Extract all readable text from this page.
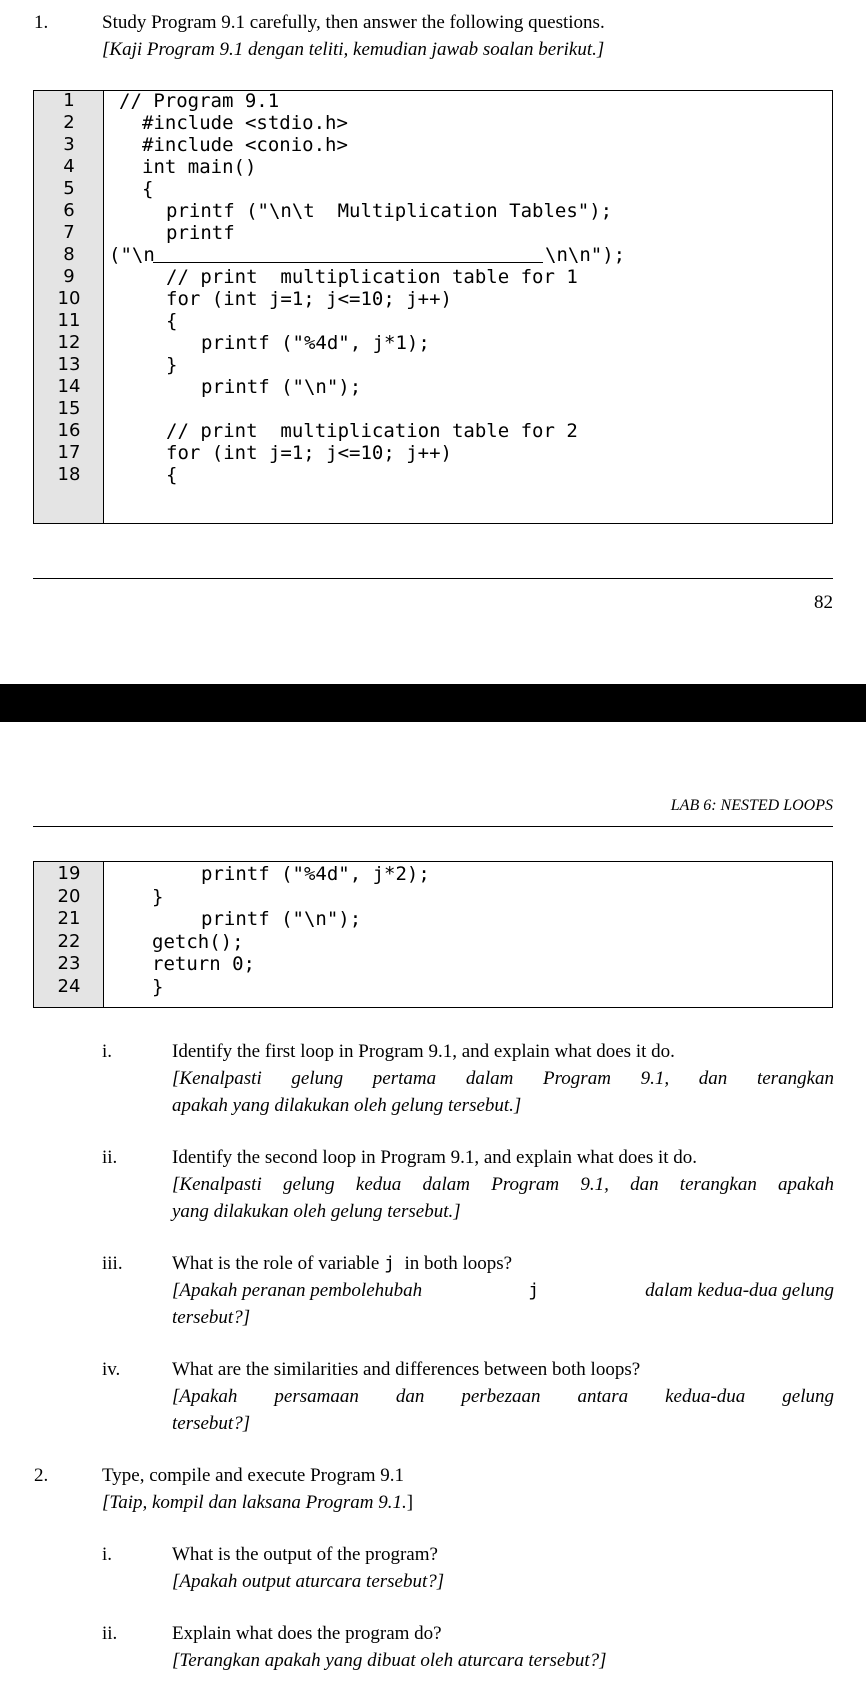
1.	Study Program 9.1 carefully, then answer the following questions.
[Kaji Program 9.1 dengan teliti, kemudian jawab soalan berikut.]
1	// Program 9.1
2	#include <stdio.h>
3	#include <conio.h>
4	int main()
5	{
6	printf ("\n\t  Multiplication Tables");
7	printf
8	("\n	\n\n");
9	// print  multiplication table for 1
10	for (int j=1; j<=10; j++)
11	{
12	printf ("%4d", j*1);
13	}
14	printf ("\n");
15
16	// print  multiplication table for 2
17	for (int j=1; j<=10; j++)
18	{
82
LAB 6: NESTED LOOPS
19	printf ("%4d", j*2);
20	}
21	printf ("\n");
22	getch();
23	return 0;
24	}
i.	Identify the first loop in Program 9.1, and explain what does it do.
[Kenalpasti gelung pertama dalam Program 9.1, dan terangkan
apakah yang dilakukan oleh gelung tersebut.]
ii.	Identify the second loop in Program 9.1, and explain what does it do.
[Kenalpasti gelung kedua dalam Program 9.1, dan terangkan apakah
yang dilakukan oleh gelung tersebut.]
iii.	What is the role of variable j in both loops?
[Apakah peranan pembolehubah	j	dalam kedua-dua gelung
tersebut?]
iv.	What are the similarities and differences between both loops?
[Apakah persamaan dan perbezaan antara kedua-dua gelung
tersebut?]
2.	Type, compile and execute Program 9.1
[Taip, kompil dan laksana Program 9.1.]
i.	What is the output of the program?
[Apakah output aturcara tersebut?]
ii.	Explain what does the program do?
[Terangkan apakah yang dibuat oleh aturcara tersebut?]
